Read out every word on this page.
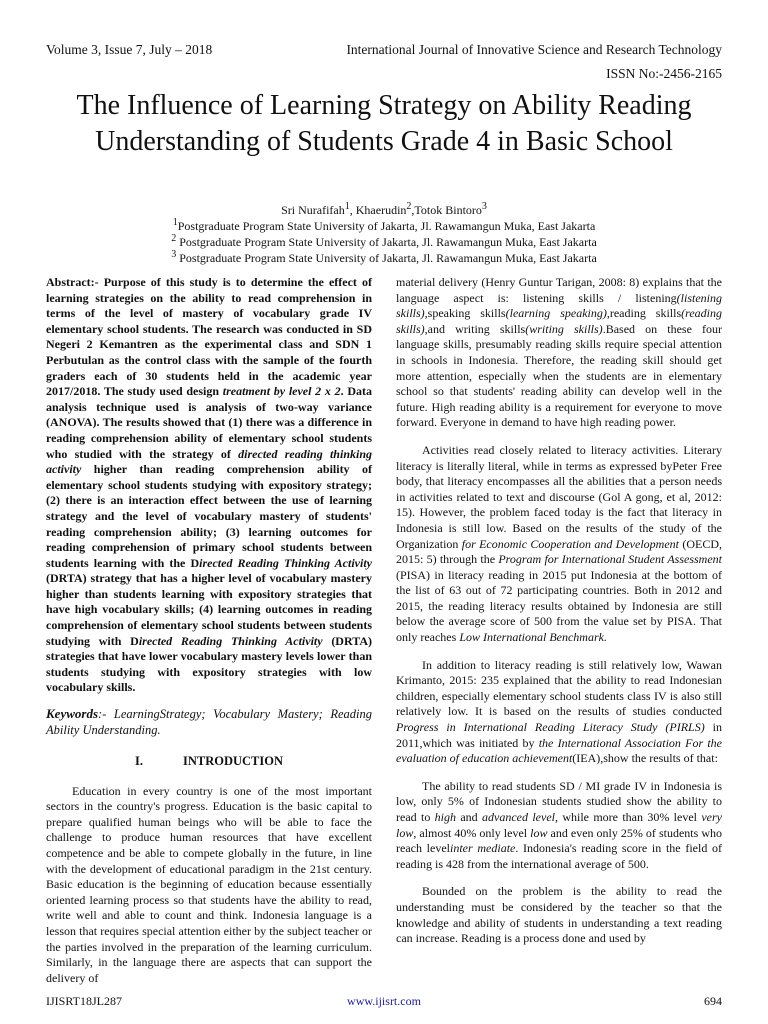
Volume 3, Issue 7, July – 2018	International Journal of Innovative Science and Research Technology
ISSN No:-2456-2165
The Influence of Learning Strategy on Ability Reading Understanding of Students Grade 4 in Basic School
Sri Nurafifah$^1$, Khaerudin$^2$,Totok Bintoro$^3$
$^1$Postgraduate Program State University of Jakarta, Jl. Rawamangun Muka, East Jakarta
$^2$ Postgraduate Program State University of Jakarta, Jl. Rawamangun Muka, East Jakarta
$^3$ Postgraduate Program State University of Jakarta, Jl. Rawamangun Muka, East Jakarta

Abstract:- Purpose of this study is to determine the effect of learning strategies on the ability to read comprehension in terms of the level of mastery of vocabulary grade IV elementary school students. The research was conducted in SD Negeri 2 Kemantren as the experimental class and SDN 1 Perbutulan as the control class with the sample of the fourth graders each of 30 students held in the academic year 2017/2018. The study used design treatment by level 2 x 2. Data analysis technique used is analysis of two-way variance (ANOVA). The results showed that (1) there was a difference in reading comprehension ability of elementary school students who studied with the strategy of directed reading thinking activity higher than reading comprehension ability of elementary school students studying with expository strategy; (2) there is an interaction effect between the use of learning strategy and the level of vocabulary mastery of students' reading comprehension ability; (3) learning outcomes for reading comprehension of primary school students between students learning with the Directed Reading Thinking Activity (DRTA) strategy that has a higher level of vocabulary mastery higher than students learning with expository strategies that have high vocabulary skills; (4) learning outcomes in reading comprehension of elementary school students between students studying with Directed Reading Thinking Activity (DRTA) strategies that have lower vocabulary mastery levels lower than students studying with expository strategies with low vocabulary skills.

Keywords:- LearningStrategy; Vocabulary Mastery; Reading Ability Understanding.

I.	INTRODUCTION

Education in every country is one of the most important sectors in the country's progress. Education is the basic capital to prepare qualified human beings who will be able to face the challenge to produce human resources that have excellent competence and be able to compete globally in the future, in line with the development of educational paradigm in the 21st century. Basic education is the beginning of education because essentially oriented learning process so that students have the ability to read, write well and able to count and think. Indonesia language is a lesson that requires special attention either by the subject teacher or the parties involved in the preparation of the learning curriculum. Similarly, in the language there are aspects that can support the delivery of

material delivery (Henry Guntur Tarigan, 2008: 8) explains that the language aspect is: listening skills / listening(listening skills),speaking skills(learning speaking),reading skills(reading skills),and writing skills(writing skills).Based on these four language skills, presumably reading skills require special attention in schools in Indonesia. Therefore, the reading skill should get more attention, especially when the students are in elementary school so that students' reading ability can develop well in the future. High reading ability is a requirement for everyone to move forward. Everyone in demand to have high reading power.

Activities read closely related to literacy activities. Literary literacy is literally literal, while in terms as expressed byPeter Free body, that literacy encompasses all the abilities that a person needs in activities related to text and discourse (Gol A gong, et al, 2012: 15). However, the problem faced today is the fact that literacy in Indonesia is still low. Based on the results of the study of the Organization for Economic Cooperation and Development (OECD, 2015: 5) through the Program for International Student Assessment (PISA) in literacy reading in 2015 put Indonesia at the bottom of the list of 63 out of 72 participating countries. Both in 2012 and 2015, the reading literacy results obtained by Indonesia are still below the average score of 500 from the value set by PISA. That only reaches Low International Benchmark.

In addition to literacy reading is still relatively low, Wawan Krimanto, 2015: 235 explained that the ability to read Indonesian children, especially elementary school students class IV is also still relatively low. It is based on the results of studies conducted Progress in International Reading Literacy Study (PIRLS) in 2011,which was initiated by the International Association For the evaluation of education achievement(IEA),show the results of that:

The ability to read students SD / MI grade IV in Indonesia is low, only 5% of Indonesian students studied show the ability to read to high and advanced level, while more than 30% level very low, almost 40% only level low and even only 25% of students who reach levelinter mediate. Indonesia's reading score in the field of reading is 428 from the international average of 500.

Bounded on the problem is the ability to read the understanding must be considered by the teacher so that the knowledge and ability of students in understanding a text reading can increase. Reading is a process done and used by

IJISRT18JL287	www.ijisrt.com	694
